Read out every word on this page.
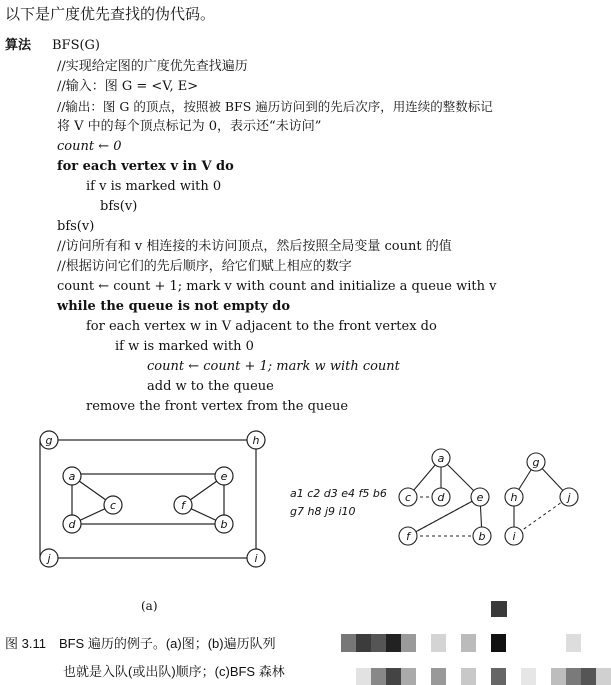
以下是广度优先查找的伪代码。
算法 BFS(G)
//实现给定图的广度优先查找遍历
//输入：图 G = <V, E>
//输出：图 G 的顶点，按照被 BFS 遍历访问到的先后次序，用连续的整数标记
将 V 中的每个顶点标记为 0，表示还“未访问”
count ← 0
for each vertex v in V do
if v is marked with 0
bfs(v)
bfs(v)
//访问所有和 v 相连接的未访问顶点，然后按照全局变量 count 的值
//根据访问它们的先后顺序，给它们赋上相应的数字
count ← count + 1; mark v with count and initialize a queue with v
while the queue is not empty do
for each vertex w in V adjacent to the front vertex do
if w is marked with 0
count ← count + 1; mark w with count
add w to the queue
remove the front vertex from the queue
g	h
a	e
c	f
d	b
j	i
a1 c2 d3 e4 f5 b6
g7 h8 j9 i10
a
c d	e
f	b
g
h	j
i
(a)
图 3.11　BFS 遍历的例子。(a)图；(b)遍历队列
也就是入队(或出队)顺序；(c)BFS 森林
